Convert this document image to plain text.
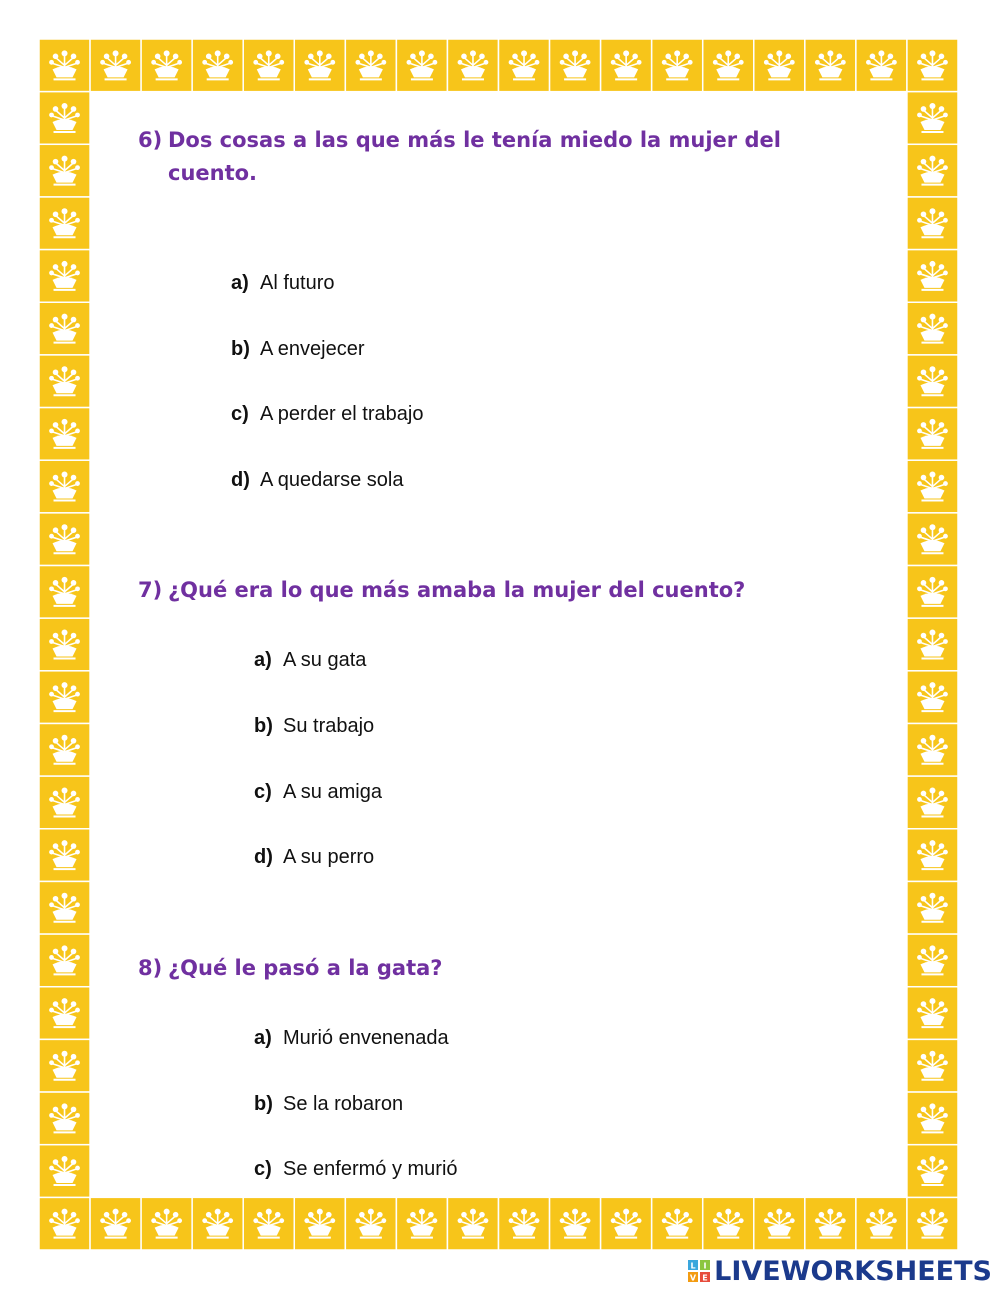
6) Dos cosas a las que más le tenía miedo la mujer del cuento.
a) Al futuro
b) A envejecer
c) A perder el trabajo
d) A quedarse sola
7) ¿Qué era lo que más amaba la mujer del cuento?
a) A su gata
b) Su trabajo
c) A su amiga
d) A su perro
8) ¿Qué le pasó a la gata?
a) Murió envenenada
b) Se la robaron
c) Se enfermó y murió
L I
V E LIVEWORKSHEETS
